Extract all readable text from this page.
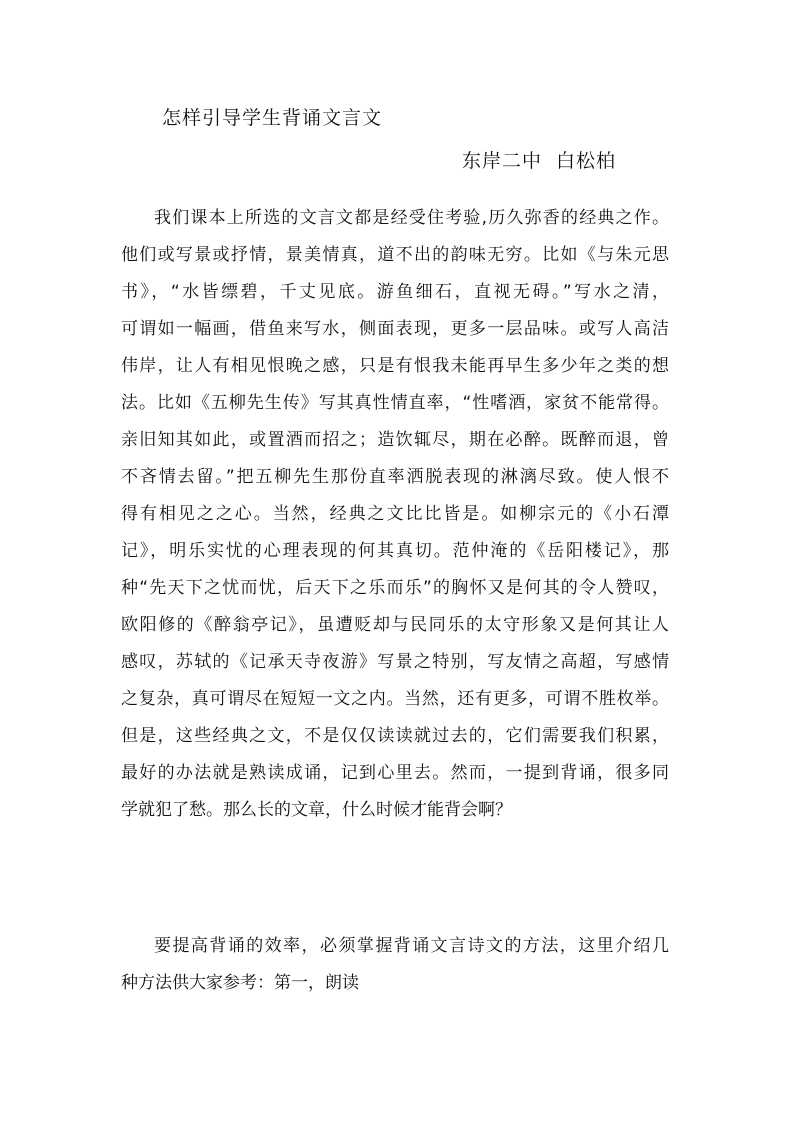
怎样引导学生背诵文言文
东岸二中 白松柏
我们课本上所选的文言文都是经受住考验,历久弥香的经典之作。
他们或写景或抒情，景美情真，道不出的韵味无穷。比如《与朱元思
书》，“水皆缥碧，千丈见底。游鱼细石，直视无碍。”写水之清，
可谓如一幅画，借鱼来写水，侧面表现，更多一层品味。或写人高洁
伟岸，让人有相见恨晚之感，只是有恨我未能再早生多少年之类的想
法。比如《五柳先生传》写其真性情直率，“性嗜酒，家贫不能常得。
亲旧知其如此，或置酒而招之；造饮辄尽，期在必醉。既醉而退，曾
不吝情去留。”把五柳先生那份直率洒脱表现的淋漓尽致。使人恨不
得有相见之之心。当然，经典之文比比皆是。如柳宗元的《小石潭
记》，明乐实忧的心理表现的何其真切。范仲淹的《岳阳楼记》，那
种“先天下之忧而忧，后天下之乐而乐”的胸怀又是何其的令人赞叹，
欧阳修的《醉翁亭记》，虽遭贬却与民同乐的太守形象又是何其让人
感叹，苏轼的《记承天寺夜游》写景之特别，写友情之高超，写感情
之复杂，真可谓尽在短短一文之内。当然，还有更多，可谓不胜枚举。
但是，这些经典之文，不是仅仅读读就过去的，它们需要我们积累，
最好的办法就是熟读成诵，记到心里去。然而，一提到背诵，很多同
学就犯了愁。那么长的文章，什么时候才能背会啊？
要提高背诵的效率，必须掌握背诵文言诗文的方法，这里介绍几
种方法供大家参考：第一，朗读
